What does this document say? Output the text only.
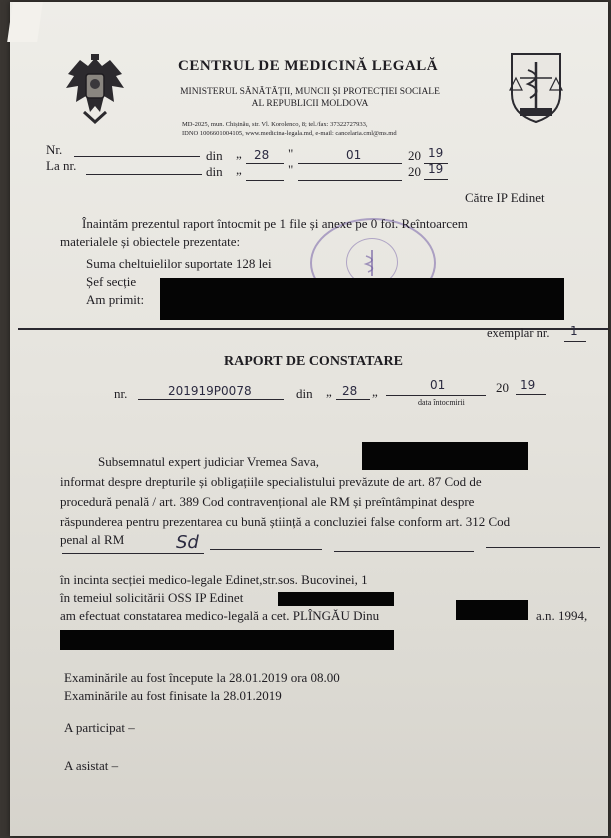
CENTRUL DE MEDICINĂ LEGALĂ
MINISTERUL SĂNĂTĂȚII, MUNCII ȘI PROTECȚIEI SOCIALE
AL REPUBLICII MOLDOVA
MD-2025, mun. Chișinău, str. Vl. Korolenco, 8; tel./fax: 37322727933,
IDNO 1006601004105, www.medicina-legala.md, e-mail: cancelaria.cml@ms.md
Nr.	din „ 28 "	01	20 19
La nr.	din „	"	20 19
Către IP Edinet
Înaintăm prezentul raport întocmit pe 1 file și anexe pe 0 foi. Reîntoarcem
materialele și obiectele prezentate:
Suma cheltuielilor suportate 128 lei
Șef secție
Am primit:
exemplar nr. 1
RAPORT DE CONSTATARE
nr.	201919P0078	din „ 28 „	01
data întocmirii
20 19
Subsemnatul expert judiciar Vremea Sava,
informat despre drepturile și obligațiile specialistului prevăzute de art. 87 Cod de
procedură penală / art. 389 Cod contravențional ale RM și preîntâmpinat despre
răspunderea pentru prezentarea cu bună știință a concluziei false conform art. 312 Cod
penal al RM	Sd
în incinta secției medico-legale Edinet,str.sos. Bucovinei, 1
în temeiul solicitării OSS IP Edinet
am efectuat constatarea medico-legală a cet. PLÎNGĂU Dinu	a.n. 1994,
Examinările au fost începute la 28.01.2019 ora 08.00
Examinările au fost finisate la 28.01.2019
A participat –
A asistat –
